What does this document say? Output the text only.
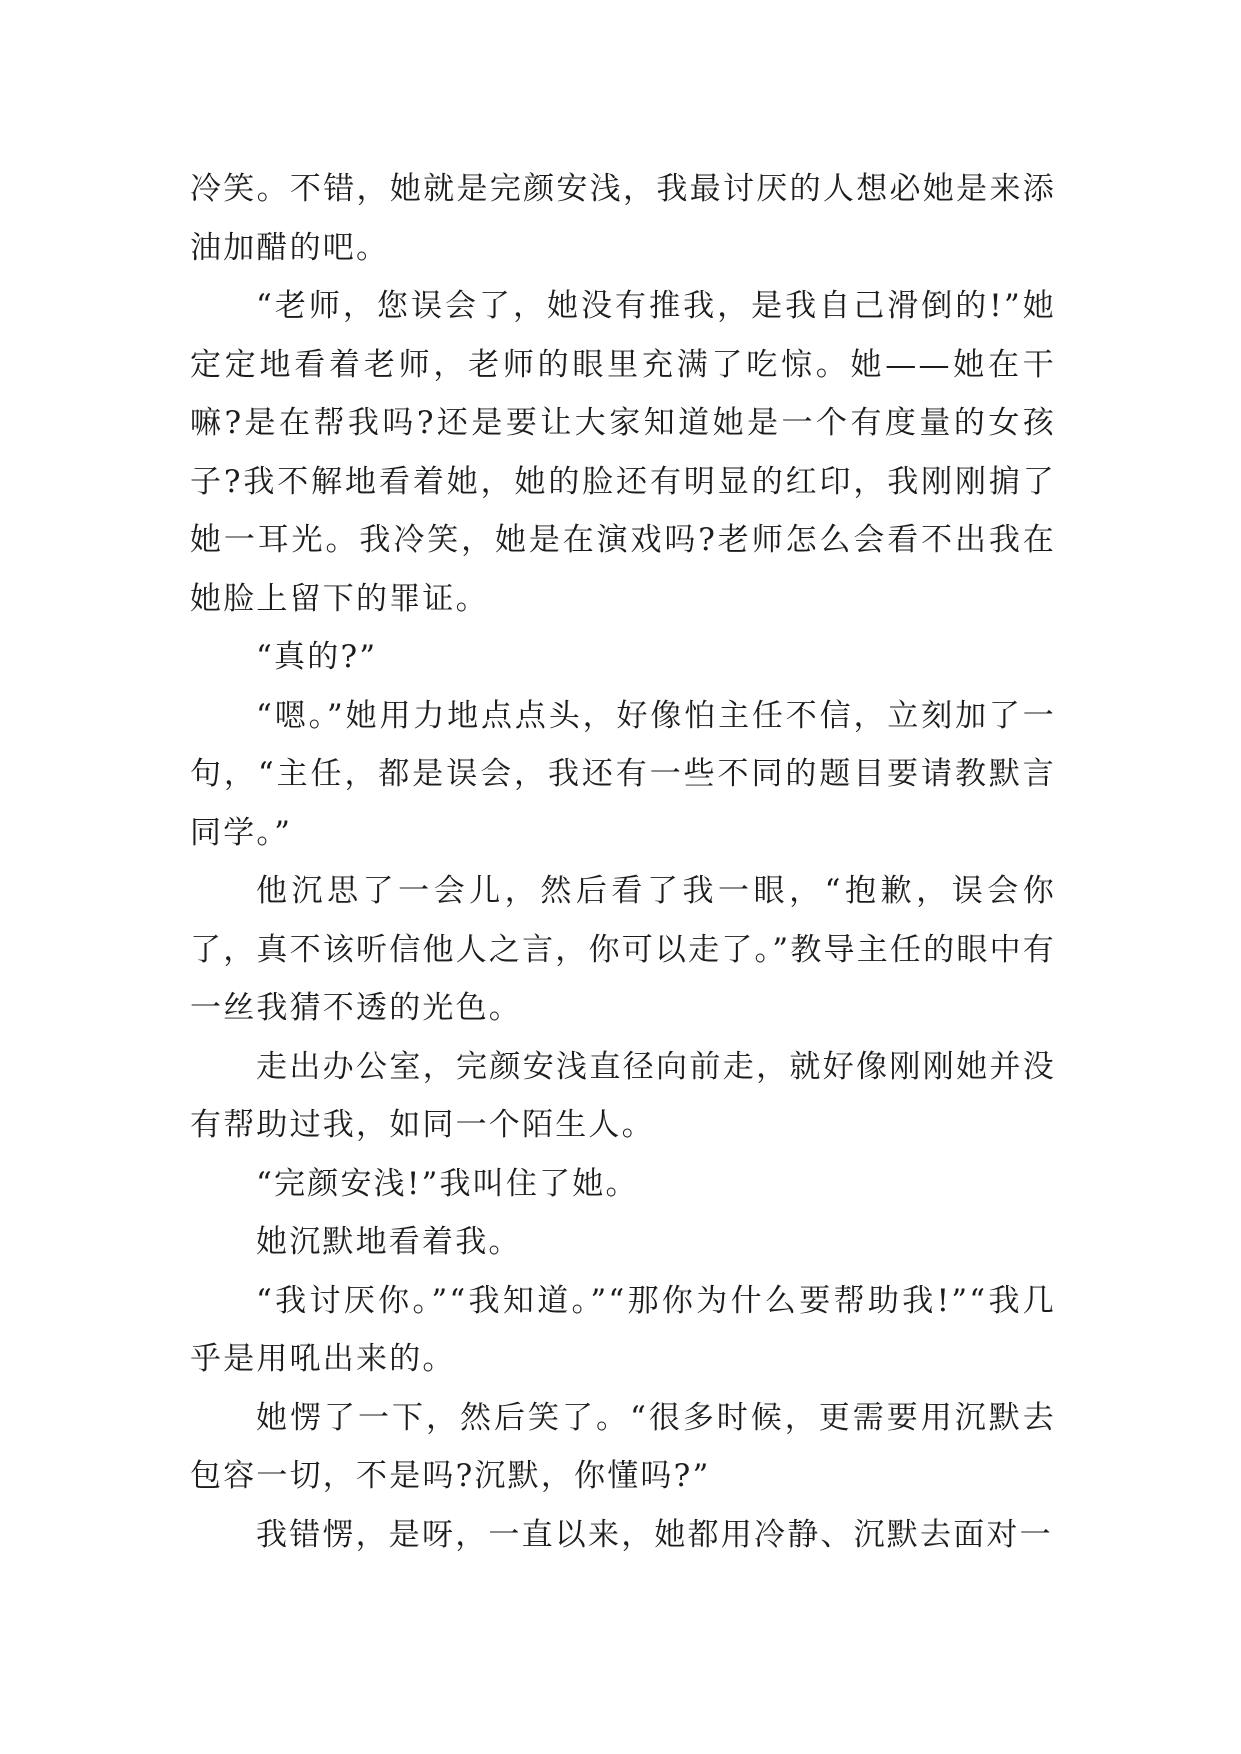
冷笑。不错，她就是完颜安浅，我最讨厌的人想必她是来添油加醋的吧。

“老师，您误会了，她没有推我，是我自己滑倒的!”她定定地看着老师，老师的眼里充满了吃惊。她——她在干嘛?是在帮我吗?还是要让大家知道她是一个有度量的女孩子?我不解地看着她，她的脸还有明显的红印，我刚刚掮了她一耳光。我冷笑，她是在演戏吗?老师怎么会看不出我在她脸上留下的罪证。

“真的?”

“嗯。”她用力地点点头，好像怕主任不信，立刻加了一句，“主任，都是误会，我还有一些不同的题目要请教默言同学。”

他沉思了一会儿，然后看了我一眼，“抱歉，误会你了，真不该听信他人之言，你可以走了。”教导主任的眼中有一丝我猜不透的光色。

走出办公室，完颜安浅直径向前走，就好像刚刚她并没有帮助过我，如同一个陌生人。

“完颜安浅!”我叫住了她。

她沉默地看着我。

“我讨厌你。”“我知道。”“那你为什么要帮助我!”“我几乎是用吼出来的。

她愣了一下，然后笑了。“很多时候，更需要用沉默去包容一切，不是吗?沉默，你懂吗?”

我错愣，是呀，一直以来，她都用冷静、沉默去面对一
